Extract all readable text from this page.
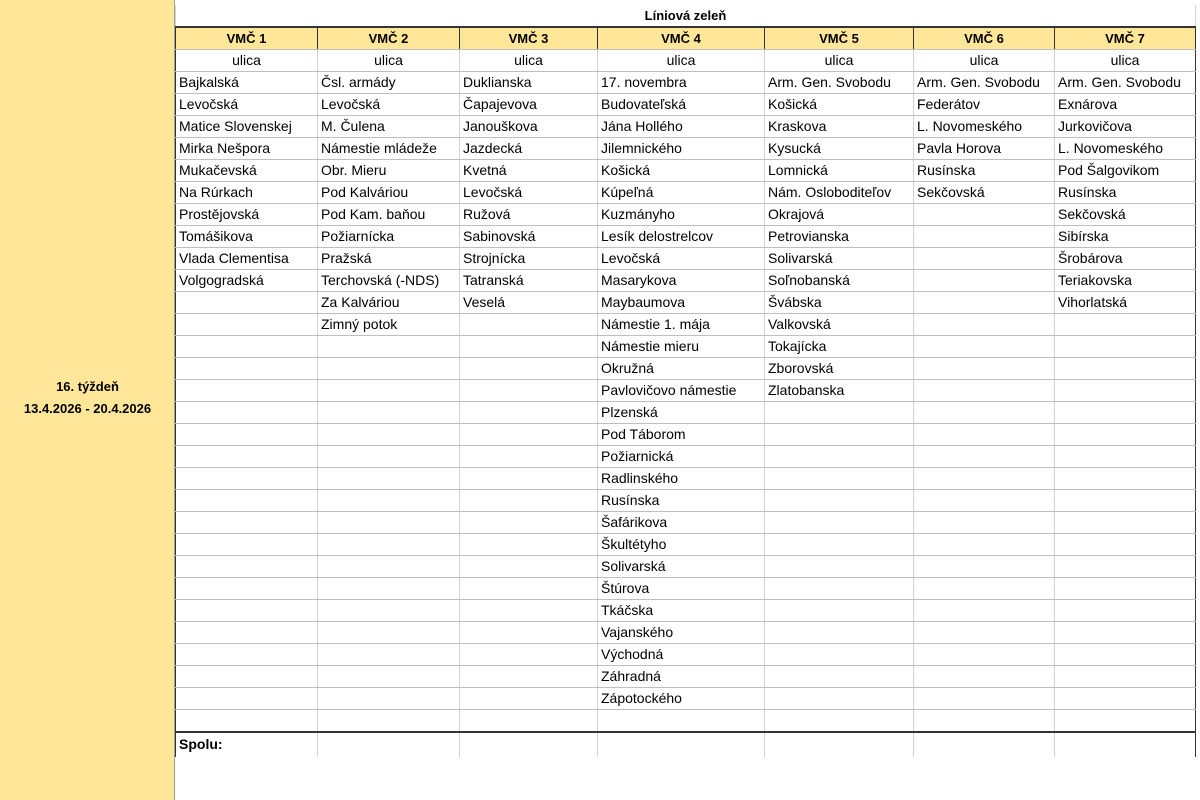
16. týždeň
13.4.2026 - 20.4.2026
Líniová zeleň						
VMČ 1	VMČ 2	VMČ 3	VMČ 4	VMČ 5	VMČ 6	VMČ 7
ulica	ulica	ulica	ulica	ulica	ulica	ulica
Bajkalská	Čsl. armády	Duklianska	17. novembra	Arm. Gen. Svobodu	Arm. Gen. Svobodu	Arm. Gen. Svobodu
Levočská	Levočská	Čapajevova	Budovateľská	Košická	Federátov	Exnárova
Matice Slovenskej	M. Čulena	Janouškova	Jána Hollého	Kraskova	L. Novomeského	Jurkovičova
Mirka Nešpora	Námestie mládeže	Jazdecká	Jilemnického	Kysucká	Pavla Horova	L. Novomeského
Mukačevská	Obr. Mieru	Kvetná	Košická	Lomnická	Rusínska	Pod Šalgovikom
Na Rúrkach	Pod Kalváriou	Levočská	Kúpeľná	Nám. Osloboditeľov	Sekčovská	Rusínska
Prostějovská	Pod Kam. baňou	Ružová	Kuzmányho	Okrajová		Sekčovská
Tomášikova	Požiarnícka	Sabinovská	Lesík delostrelcov	Petrovianska		Sibírska
Vlada Clementisa	Pražská	Strojnícka	Levočská	Solivarská		Šrobárova
Volgogradská	Terchovská (-NDS)	Tatranská	Masarykova	Soľnobanská		Teriakovska
	Za Kalváriou	Veselá	Maybaumova	Švábska		Vihorlatská
	Zimný potok		Námestie 1. mája	Valkovská		
			Námestie mieru	Tokajícka		
			Okružná	Zborovská		
			Pavlovičovo námestie	Zlatobanska		
			Plzenská			
			Pod Táborom			
			Požiarnická			
			Radlinského			
			Rusínska			
			Šafárikova			
			Škultétyho			
			Solivarská			
			Štúrova			
			Tkáčska			
			Vajanského			
			Východná			
			Záhradná			
			Zápotockého			

Spolu:						
